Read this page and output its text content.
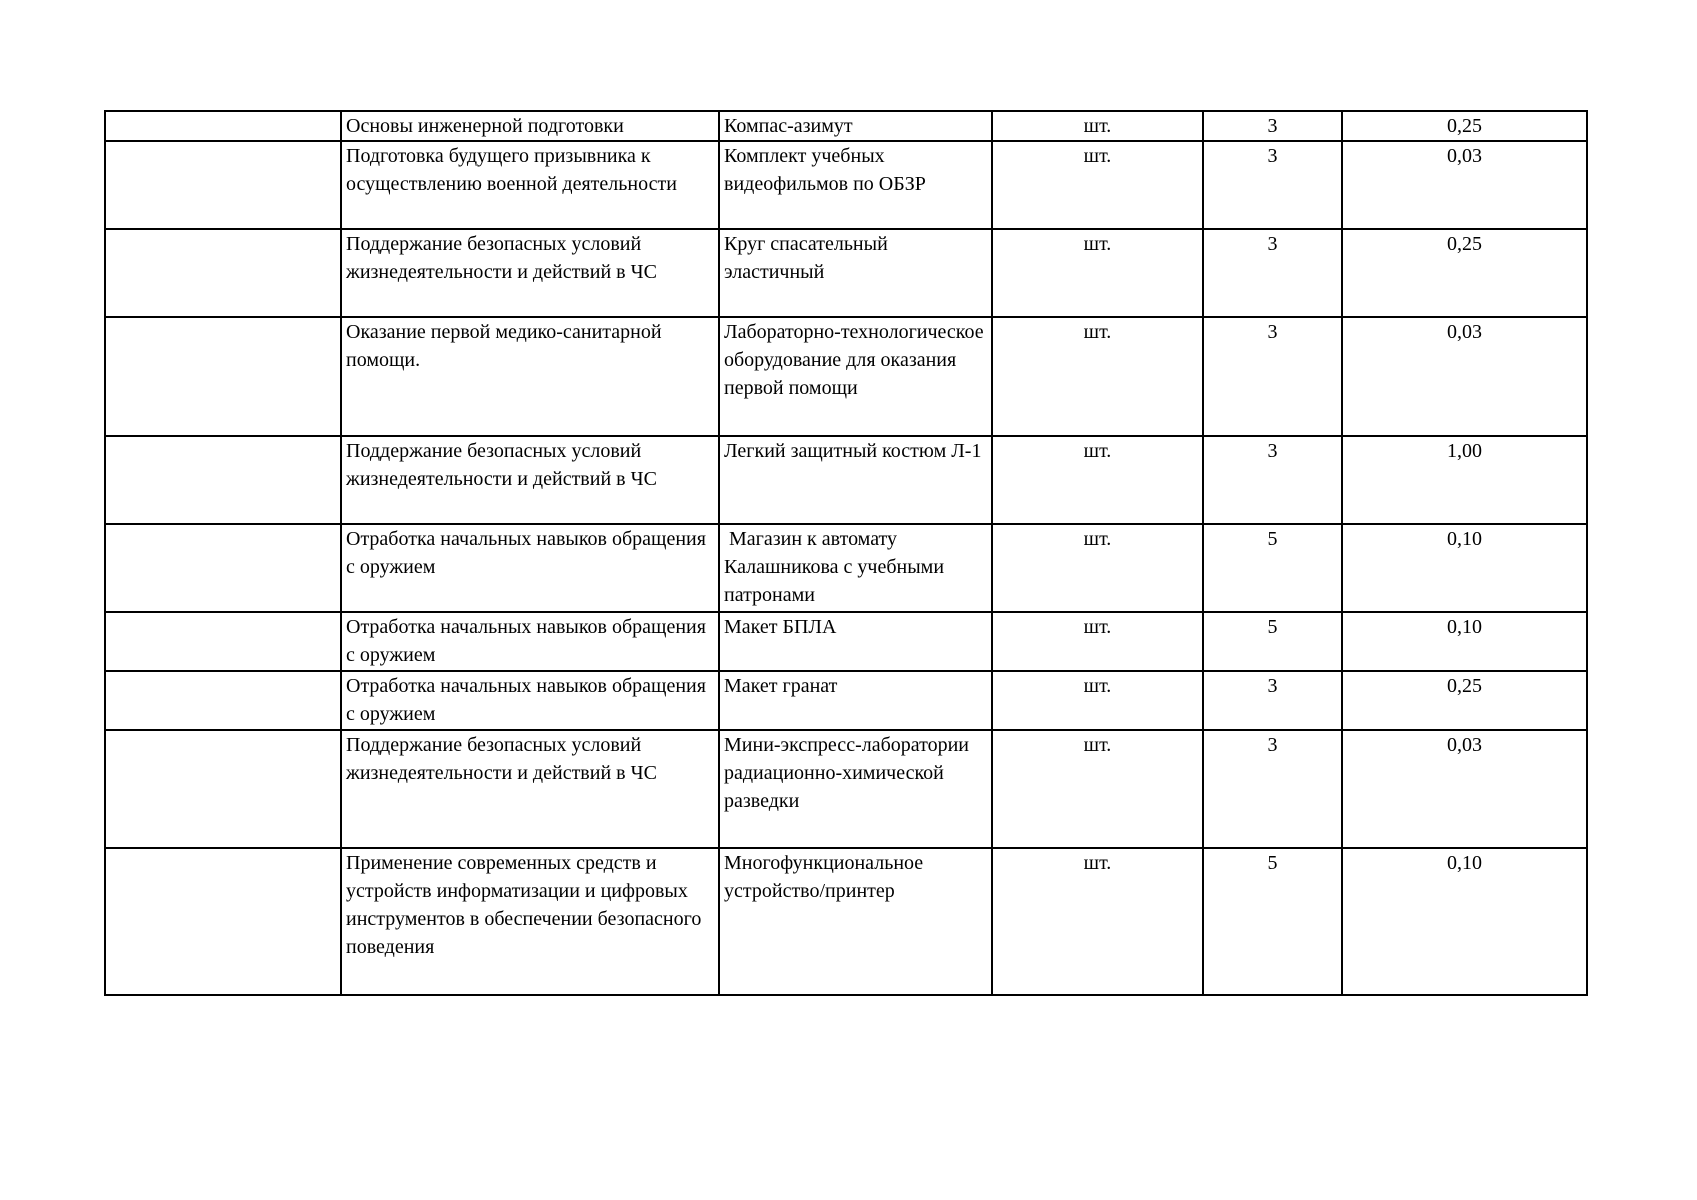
	Основы инженерной подготовки	Компас-азимут	шт.	3	0,25
	Подготовка будущего призывника к осуществлению военной деятельности	Комплект учебных видеофильмов по ОБЗР	шт.	3	0,03
	Поддержание безопасных условий жизнедеятельности и действий в ЧС	Круг спасательный эластичный	шт.	3	0,25
	Оказание первой медико-санитарной помощи.	Лабораторно-технологическое оборудование для оказания первой помощи	шт.	3	0,03
	Поддержание безопасных условий жизнедеятельности и действий в ЧС	Легкий защитный костюм Л-1	шт.	3	1,00
	Отработка начальных навыков обращения с оружием	Магазин к автомату Калашникова с учебными патронами	шт.	5	0,10
	Отработка начальных навыков обращения с оружием	Макет БПЛА	шт.	5	0,10
	Отработка начальных навыков обращения с оружием	Макет гранат	шт.	3	0,25
	Поддержание безопасных условий жизнедеятельности и действий в ЧС	Мини-экспресс-лаборатории радиационно-химической разведки	шт.	3	0,03
	Применение современных средств и устройств информатизации и цифровых инструментов в обеспечении безопасного поведения	Многофункциональное устройство/принтер	шт.	5	0,10
